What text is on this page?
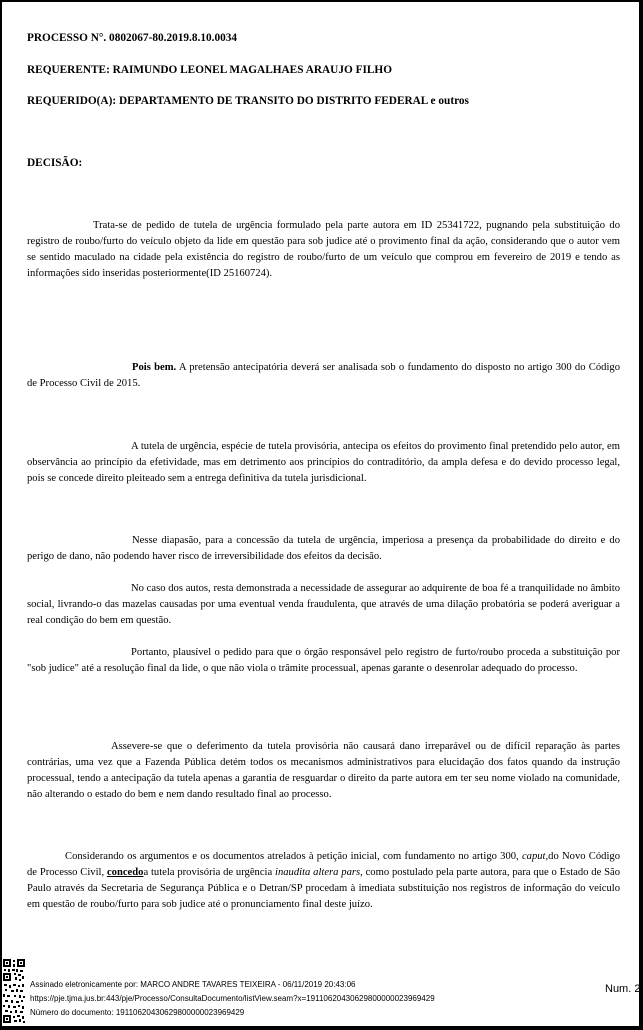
PROCESSO N°. 0802067-80.2019.8.10.0034
REQUERENTE: RAIMUNDO LEONEL MAGALHAES ARAUJO FILHO
REQUERIDO(A): DEPARTAMENTO DE TRANSITO DO DISTRITO FEDERAL e outros
DECISÃO:

Trata-se de pedido de tutela de urgência formulado pela parte autora em ID 25341722, pugnando pela substituição do registro de roubo/furto do veículo objeto da lide em questão para sob judice até o provimento final da ação, considerando que o autor vem se sentido maculado na cidade pela existência do registro de roubo/furto de um veículo que comprou em fevereiro de 2019 e tendo as informações sido inseridas posteriormente(ID 25160724).

Pois bem. A pretensão antecipatória deverá ser analisada sob o fundamento do disposto no artigo 300 do Código de Processo Civil de 2015.

A tutela de urgência, espécie de tutela provisória, antecipa os efeitos do provimento final pretendido pelo autor, em observância ao princípio da efetividade, mas em detrimento aos princípios do contraditório, da ampla defesa e do devido processo legal, pois se concede direito pleiteado sem a entrega definitiva da tutela jurisdicional.

Nesse diapasão, para a concessão da tutela de urgência, imperiosa a presença da probabilidade do direito e do perigo de dano, não podendo haver risco de irreversibilidade dos efeitos da decisão.

No caso dos autos, resta demonstrada a necessidade de assegurar ao adquirente de boa fé a tranquilidade no âmbito social, livrando-o das mazelas causadas por uma eventual venda fraudulenta, que através de uma dilação probatória se poderá averiguar a real condição do bem em questão.

Portanto, plausível o pedido para que o órgão responsável pelo registro de furto/roubo proceda a substituição por "sob judice" até a resolução final da lide, o que não viola o trâmite processual, apenas garante o desenrolar adequado do processo.

Assevere-se que o deferimento da tutela provisória não causará dano irreparável ou de difícil reparação às partes contrárias, uma vez que a Fazenda Pública detém todos os mecanismos administrativos para elucidação dos fatos quando da instrução processual, tendo a antecipação da tutela apenas a garantia de resguardar o direito da parte autora em ter seu nome violado na comunidade, não alterando o estado do bem e nem dando resultado final ao processo.

Considerando os argumentos e os documentos atrelados à petição inicial, com fundamento no artigo 300, caput,do Novo Código de Processo Civil, concedoa tutela provisória de urgência inaudita altera pars, como postulado pela parte autora, para que o Estado de São Paulo através da Secretaria de Segurança Pública e o Detran/SP procedam à imediata substituição nos registros de informação do veículo em questão de roubo/furto para sob judice até o pronunciamento final deste juízo.

Assinado eletronicamente por: MARCO ANDRE TAVARES TEIXEIRA - 06/11/2019 20:43:06
https://pje.tjma.jus.br:443/pje/Processo/ConsultaDocumento/listView.seam?x=19110620430629800000023969429
Número do documento: 19110620430629800000023969429
Num. 2
